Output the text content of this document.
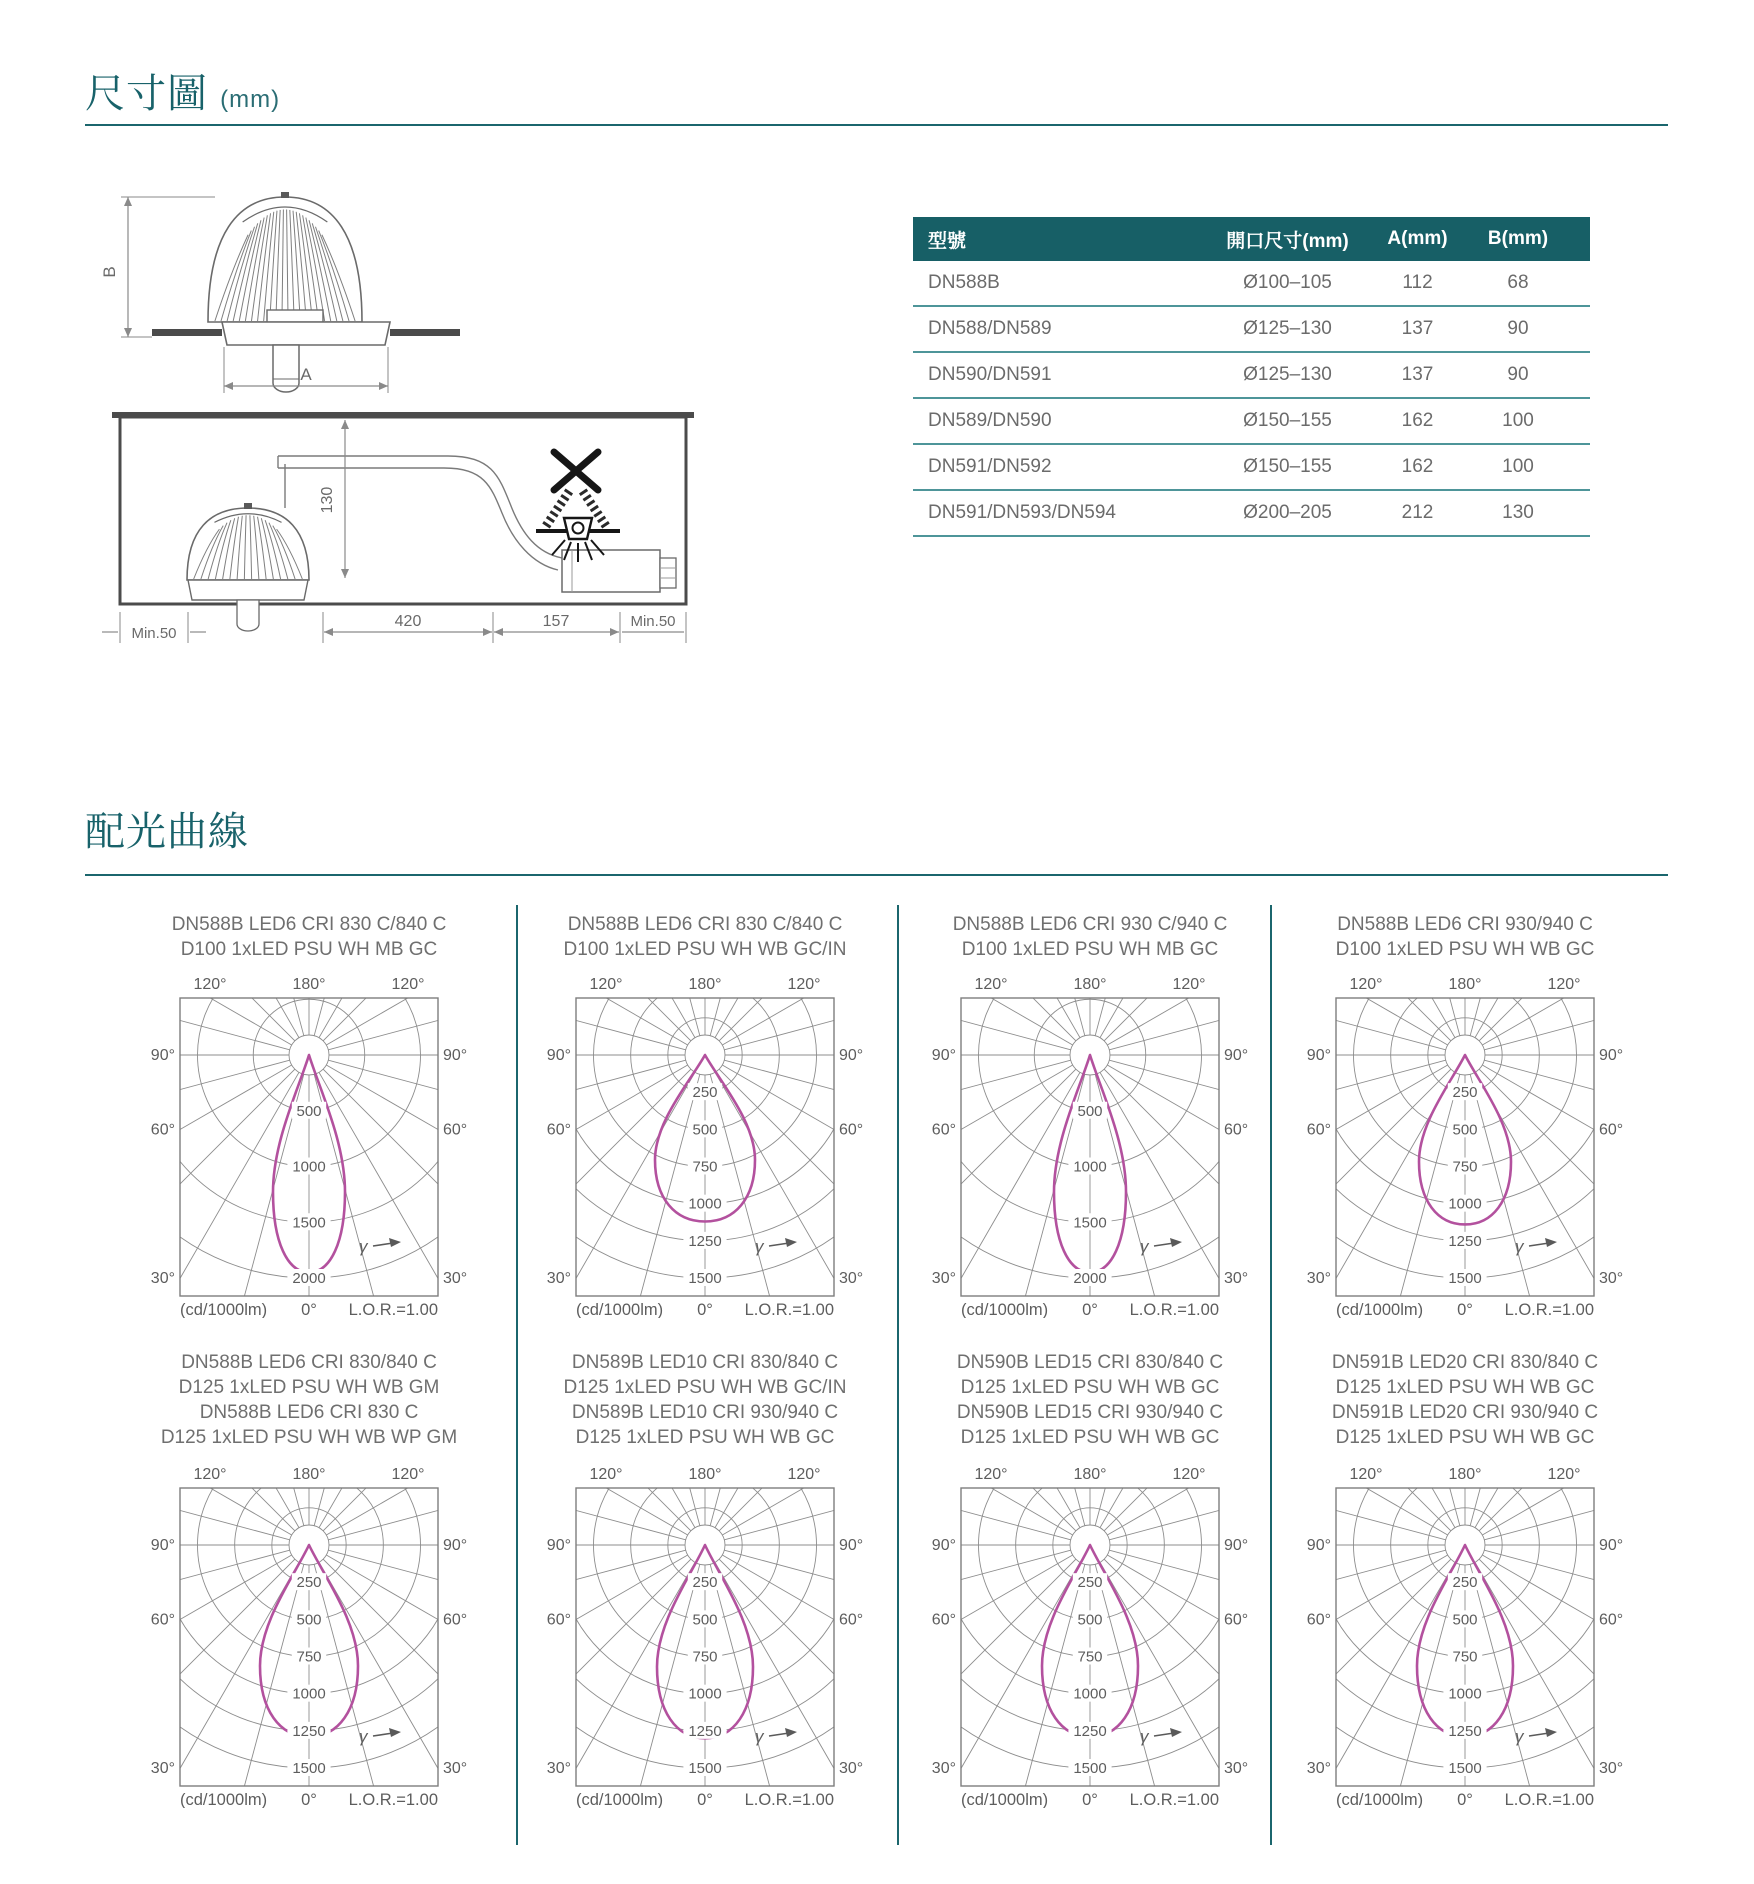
尺寸圖 (mm)
B
A
130
Min.50
420	157	Min.50
型號	開口尺寸(mm)	A(mm)	B(mm)
DN588B	Ø100–105	112	68
DN588/DN589	Ø125–130	137	90
DN590/DN591	Ø125–130	137	90
DN589/DN590	Ø150–155	162	100
DN591/DN592	Ø150–155	162	100
DN591/DN593/DN594	Ø200–205	212	130
配光曲線
DN588B LED6 CRI 830 C/840 C
D100 1xLED PSU WH MB GC
500
1000
1500
2000
120°	180°	120°
90°	90°
60°	60°
30°	30°
γ
(cd/1000lm) 0° L.O.R.=1.00
DN588B LED6 CRI 830 C/840 C
D100 1xLED PSU WH WB GC/IN
250
500
750
1000
1250
1500
120°	180°	120°
90°	90°
60°	60°
30°	30°
γ
(cd/1000lm) 0° L.O.R.=1.00
DN588B LED6 CRI 930 C/940 C
D100 1xLED PSU WH MB GC
500
1000
1500
2000
120°	180°	120°
90°	90°
60°	60°
30°	30°
γ
(cd/1000lm) 0° L.O.R.=1.00
DN588B LED6 CRI 930/940 C
D100 1xLED PSU WH WB GC
250
500
750
1000
1250
1500
120°	180°	120°
90°	90°
60°	60°
30°	30°
γ
(cd/1000lm) 0° L.O.R.=1.00
DN588B LED6 CRI 830/840 C
D125 1xLED PSU WH WB GM
DN588B LED6 CRI 830 C
D125 1xLED PSU WH WB WP GM
250
500
750
1000
1250
1500
120°	180°	120°
90°	90°
60°	60°
30°	30°
γ
(cd/1000lm) 0° L.O.R.=1.00
DN589B LED10 CRI 830/840 C
D125 1xLED PSU WH WB GC/IN
DN589B LED10 CRI 930/940 C
D125 1xLED PSU WH WB GC
250
500
750
1000
1250
1500
120°	180°	120°
90°	90°
60°	60°
30°	30°
γ
(cd/1000lm) 0° L.O.R.=1.00
DN590B LED15 CRI 830/840 C
D125 1xLED PSU WH WB GC
DN590B LED15 CRI 930/940 C
D125 1xLED PSU WH WB GC
250
500
750
1000
1250
1500
120°	180°	120°
90°	90°
60°	60°
30°	30°
γ
(cd/1000lm) 0° L.O.R.=1.00
DN591B LED20 CRI 830/840 C
D125 1xLED PSU WH WB GC
DN591B LED20 CRI 930/940 C
D125 1xLED PSU WH WB GC
250
500
750
1000
1250
1500
120°	180°	120°
90°	90°
60°	60°
30°	30°
γ
(cd/1000lm) 0° L.O.R.=1.00
